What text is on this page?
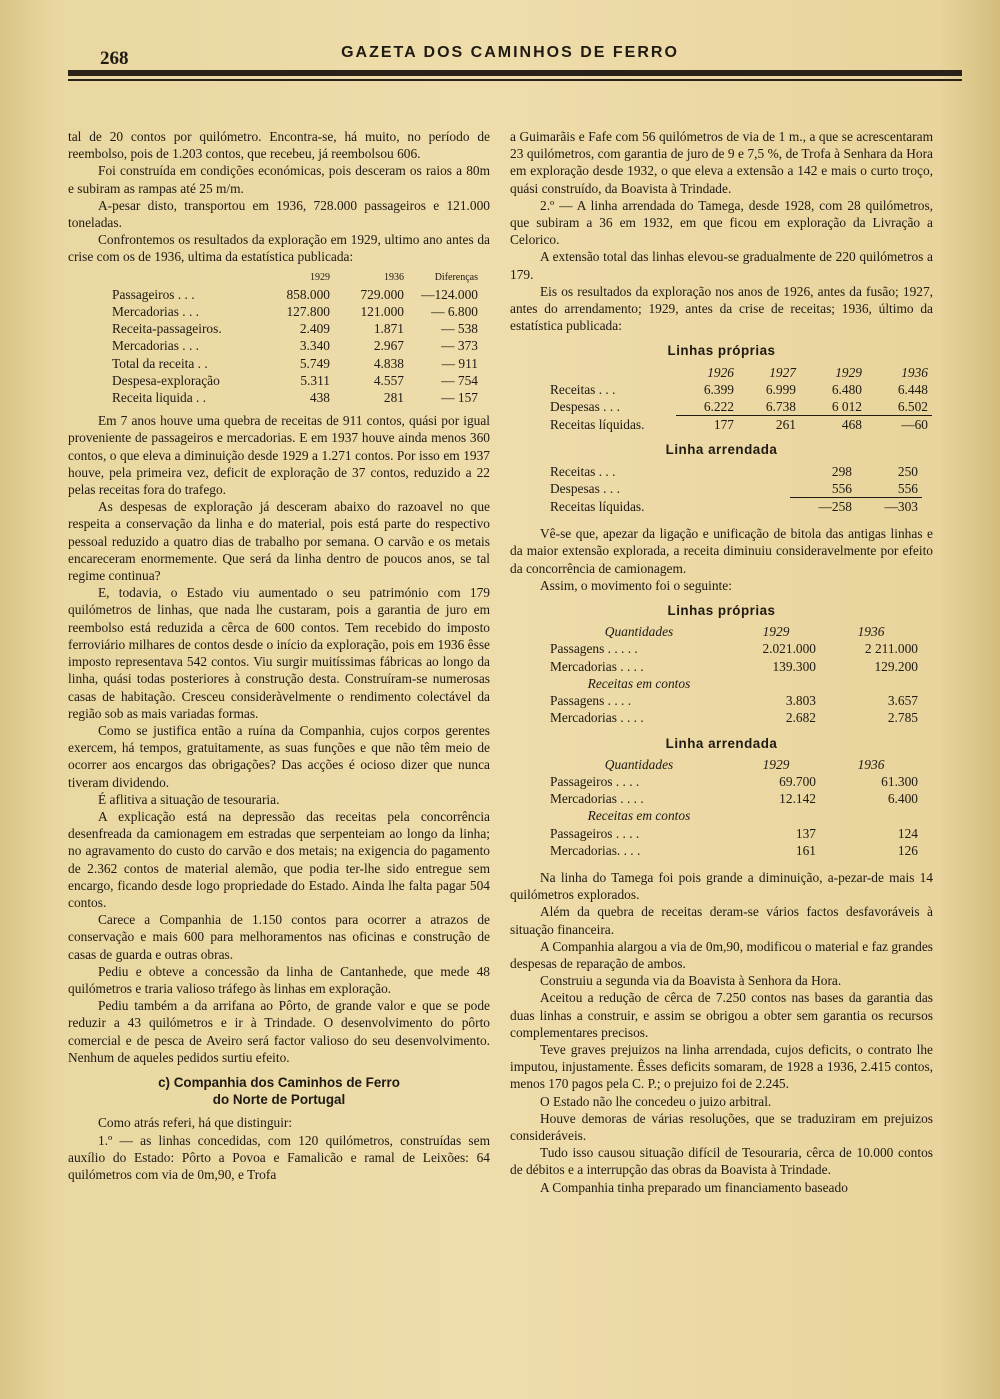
268	GAZETA DOS CAMINHOS DE FERRO

tal de 20 contos por quilómetro. Encontra-se, há muito, no período de reembolso, pois de 1.203 contos, que recebeu, já reembolsou 606.

Foi construída em condições económicas, pois desceram os raios a 80m e subiram as rampas até 25 m/m.

A-pesar disto, transportou em 1936, 728.000 passageiros e 121.000 toneladas.

Confrontemos os resultados da exploração em 1929, ultimo ano antes da crise com os de 1936, ultima da estatística publicada:

	1929	1936	Diferenças
Passageiros . . .	858.000	729.000	—124.000
Mercadorias . . .	127.800	121.000	— 6.800
Receita-passageiros.	2.409	1.871	— 538
Mercadorias . . .	3.340	2.967	— 373
Total da receita . .	5.749	4.838	— 911
Despesa-exploração	5.311	4.557	— 754
Receita liquida . .	438	281	— 157

Em 7 anos houve uma quebra de receitas de 911 contos, quási por igual proveniente de passageiros e mercadorias. E em 1937 houve ainda menos 360 contos, o que eleva a diminuição desde 1929 a 1.271 contos. Por isso em 1937 houve, pela primeira vez, deficit de exploração de 37 contos, reduzido a 22 pelas receitas fora do trafego.

As despesas de exploração já desceram abaixo do razoavel no que respeita a conservação da linha e do material, pois está parte do respectivo pessoal reduzido a quatro dias de trabalho por semana. O carvão e os metais encareceram enormemente. Que será da linha dentro de poucos anos, se tal regime continua?

E, todavia, o Estado viu aumentado o seu património com 179 quilómetros de linhas, que nada lhe custaram, pois a garantia de juro em reembolso está reduzida a cêrca de 600 contos. Tem recebido do imposto ferroviário milhares de contos desde o início da exploração, pois em 1936 êsse imposto representava 542 contos. Viu surgir muitíssimas fábricas ao longo da linha, quási todas posteriores à construção desta. Construíram-se numerosas casas de habitação. Cresceu consideràvelmente o rendimento colectável da região sob as mais variadas formas.

Como se justifica então a ruína da Companhia, cujos corpos gerentes exercem, há tempos, gratuitamente, as suas funções e que não têm meio de ocorrer aos encargos das obrigações? Das acções é ocioso dizer que nunca tiveram dividendo.

É aflitiva a situação de tesouraria.

A explicação está na depressão das receitas pela concorrência desenfreada da camionagem em estradas que serpenteiam ao longo da linha; no agravamento do custo do carvão e dos metais; na exigencia do pagamento de 2.362 contos de material alemão, que podia ter-lhe sido entregue sem encargo, ficando desde logo propriedade do Estado. Ainda lhe falta pagar 504 contos.

Carece a Companhia de 1.150 contos para ocorrer a atrazos de conservação e mais 600 para melhoramentos nas oficinas e construção de casas de guarda e outras obras.

Pediu e obteve a concessão da linha de Cantanhede, que mede 48 quilómetros e traria valioso tráfego às linhas em exploração.

Pediu também a da arrifana ao Pôrto, de grande valor e que se pode reduzir a 43 quilómetros e ir à Trindade. O desenvolvimento do pôrto comercial e de pesca de Aveiro será factor valioso do seu desenvolvimento. Nenhum de aqueles pedidos surtiu efeito.

c) Companhia dos Caminhos de Ferro
do Norte de Portugal

Como atrás referi, há que distinguir:

1.º — as linhas concedidas, com 120 quilómetros, construídas sem auxílio do Estado: Pôrto a Povoa e Famalicão e ramal de Leixões: 64 quilómetros com via de 0m,90, e Trofa

a Guimarãis e Fafe com 56 quilómetros de via de 1 m., a que se acrescentaram 23 quilómetros, com garantia de juro de 9 e 7,5 %, de Trofa à Senhara da Hora em exploração desde 1932, o que eleva a extensão a 142 e mais o curto troço, quási construído, da Boavista à Trindade.

2.º — A linha arrendada do Tamega, desde 1928, com 28 quilómetros, que subiram a 36 em 1932, em que ficou em exploração da Livração a Celorico.

A extensão total das linhas elevou-se gradualmente de 220 quilómetros a 179.

Eis os resultados da exploração nos anos de 1926, antes da fusão; 1927, antes do arrendamento; 1929, antes da crise de receitas; 1936, último da estatística publicada:

Linhas próprias
	1926	1927	1929	1936
Receitas . . .	6.399	6.999	6.480	6.448
Despesas . . .	6.222	6.738	6 012	6.502
Receitas líquidas.	177	261	468	—60
Linha arrendada
Receitas . . .	298	250
Despesas . . .	556	556
Receitas líquidas.	—258	—303

Vê-se que, apezar da ligação e unificação de bitola das antigas linhas e da maior extensão explorada, a receita diminuiu consideravelmente por efeito da concorrência de camionagem.

Assim, o movimento foi o seguinte:

Linhas próprias
Quantidades	1929	1936
Passagens . . . . .	2.021.000	2 211.000
Mercadorias . . . .	139.300	129.200
Receitas em contos		
Passagens . . . .	3.803	3.657
Mercadorias . . . .	2.682	2.785
Linha arrendada
Quantidades	1929	1936
Passageiros . . . .	69.700	61.300
Mercadorias . . . .	12.142	6.400
Receitas em contos		
Passageiros . . . .	137	124
Mercadorias. . . .	161	126

Na linha do Tamega foi pois grande a diminuição, a-pezar-de mais 14 quilómetros explorados.

Além da quebra de receitas deram-se vários factos desfavoráveis à situação financeira.

A Companhia alargou a via de 0m,90, modificou o material e faz grandes despesas de reparação de ambos.

Construiu a segunda via da Boavista à Senhora da Hora.

Aceitou a redução de cêrca de 7.250 contos nas bases da garantia das duas linhas a construir, e assim se obrigou a obter sem garantia os recursos complementares precisos.

Teve graves prejuizos na linha arrendada, cujos deficits, o contrato lhe imputou, injustamente. Êsses deficits somaram, de 1928 a 1936, 2.415 contos, menos 170 pagos pela C. P.; o prejuizo foi de 2.245.

O Estado não lhe concedeu o juizo arbitral.

Houve demoras de várias resoluções, que se traduziram em prejuizos consideráveis.

Tudo isso causou situação difícil de Tesouraria, cêrca de 10.000 contos de débitos e a interrupção das obras da Boavista à Trindade.

A Companhia tinha preparado um financiamento baseado
